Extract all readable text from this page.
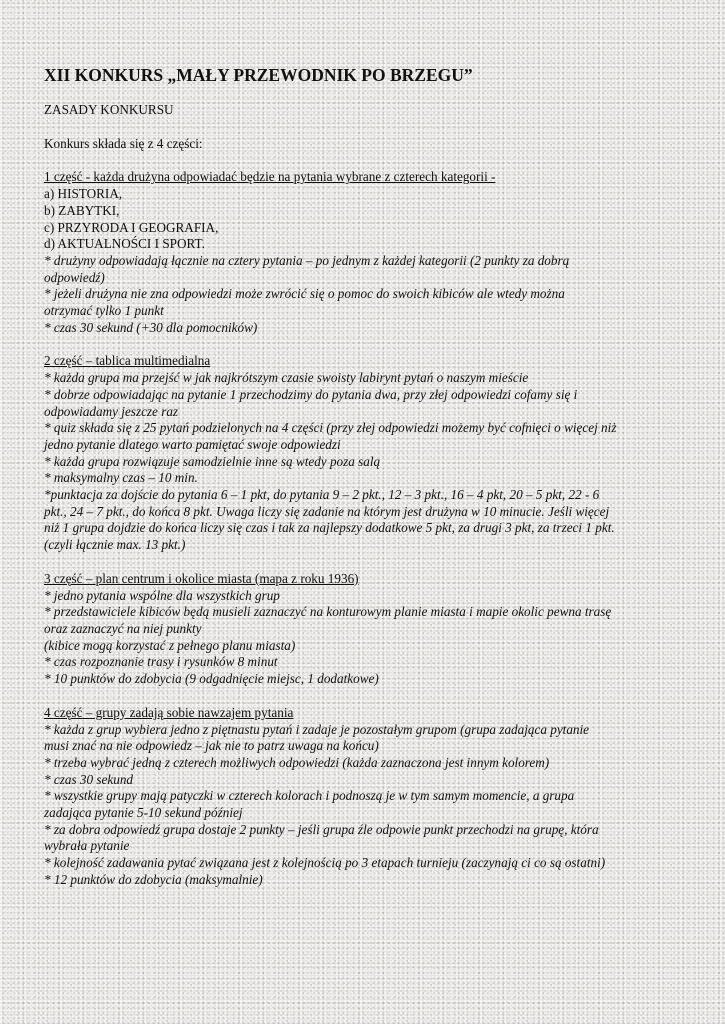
XII KONKURS „MAŁY PRZEWODNIK PO BRZEGU”
ZASADY KONKURSU
Konkurs składa się z 4 części:
1 część - każda drużyna odpowiadać będzie na pytania wybrane z czterech kategorii -
a) HISTORIA,
b) ZABYTKI,
c) PRZYRODA I GEOGRAFIA,
d) AKTUALNOŚCI I SPORT.
* drużyny odpowiadają łącznie na cztery pytania – po jednym z każdej kategorii (2 punkty za dobrą
odpowiedź)
* jeżeli drużyna nie zna odpowiedzi może zwrócić się o pomoc do swoich kibiców ale wtedy można
otrzymać tylko 1 punkt
* czas 30 sekund (+30 dla pomocników)
2 część – tablica multimedialna
* każda grupa ma przejść w jak najkrótszym czasie swoisty labirynt pytań o naszym mieście
* dobrze odpowiadając na pytanie 1 przechodzimy do pytania dwa, przy złej odpowiedzi cofamy się i
odpowiadamy jeszcze raz
* quiz składa się z 25 pytań podzielonych na 4 części (przy złej odpowiedzi możemy być cofnięci o więcej niż
jedno pytanie dlatego warto pamiętać swoje odpowiedzi
* każda grupa rozwiązuje samodzielnie inne są wtedy poza salą
* maksymalny czas – 10 min.
*punktacja za dojście do pytania 6 – 1 pkt, do pytania 9 – 2 pkt., 12 – 3 pkt., 16 – 4 pkt, 20 – 5 pkt, 22 - 6
pkt., 24 – 7 pkt., do końca 8 pkt. Uwaga liczy się zadanie na którym jest drużyna w 10 minucie. Jeśli więcej
niż 1 grupa dojdzie do końca liczy się czas i tak za najlepszy dodatkowe 5 pkt, za drugi 3 pkt, za trzeci 1 pkt.
(czyli łącznie max. 13 pkt.)
3 część – plan centrum i okolice miasta (mapa z roku 1936)
* jedno pytania wspólne dla wszystkich grup
* przedstawiciele kibiców będą musieli zaznaczyć na konturowym planie miasta i mapie okolic pewna trasę
oraz zaznaczyć na niej punkty
(kibice mogą korzystać z pełnego planu miasta)
* czas rozpoznanie trasy i rysunków 8 minut
* 10 punktów do zdobycia (9 odgadnięcie miejsc, 1 dodatkowe)
4 część – grupy zadają sobie nawzajem pytania
* każda z grup wybiera jedno z piętnastu pytań i zadaje je pozostałym grupom (grupa zadająca pytanie
musi znać na nie odpowiedz – jak nie to patrz uwaga na końcu)
* trzeba wybrać jedną z czterech możliwych odpowiedzi (każda zaznaczona jest innym kolorem)
* czas 30 sekund
* wszystkie grupy mają patyczki w czterech kolorach i podnoszą je w tym samym momencie, a grupa
zadająca pytanie 5-10 sekund później
* za dobra odpowiedź grupa dostaje 2 punkty – jeśli grupa źle odpowie punkt przechodzi na grupę, która
wybrała pytanie
* kolejność zadawania pytać związana jest z kolejnością po 3 etapach turnieju (zaczynają ci co są ostatni)
* 12 punktów do zdobycia (maksymalnie)
